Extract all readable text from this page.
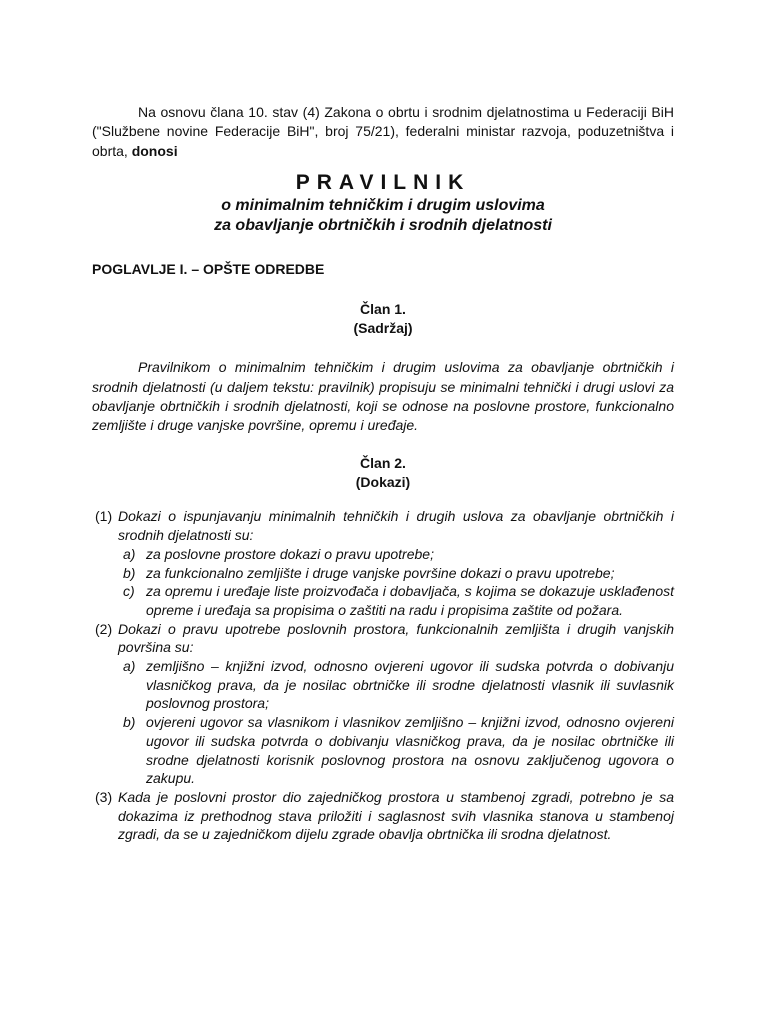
Na osnovu člana 10. stav (4) Zakona o obrtu i srodnim djelatnostima u Federaciji BiH ("Službene novine Federacije BiH", broj 75/21), federalni ministar razvoja, poduzetništva i obrta, donosi

PRAVILNIK
o minimalnim tehničkim i drugim uslovima
za obavljanje obrtničkih i srodnih djelatnosti
POGLAVLJE I. – OPŠTE ODREDBE
Član 1.
(Sadržaj)

Pravilnikom o minimalnim tehničkim i drugim uslovima za obavljanje obrtničkih i srodnih djelatnosti (u daljem tekstu: pravilnik) propisuju se minimalni tehnički i drugi uslovi za obavljanje obrtničkih i srodnih djelatnosti, koji se odnose na poslovne prostore, funkcionalno zemljište i druge vanjske površine, opremu i uređaje.

Član 2.
(Dokazi)
(1) Dokazi o ispunjavanju minimalnih tehničkih i drugih uslova za obavljanje obrtničkih i srodnih djelatnosti su:
a) za poslovne prostore dokazi o pravu upotrebe;
b) za funkcionalno zemljište i druge vanjske površine dokazi o pravu upotrebe;
c) za opremu i uređaje liste proizvođača i dobavljača, s kojima se dokazuje usklađenost opreme i uređaja sa propisima o zaštiti na radu i propisima zaštite od požara.
(2) Dokazi o pravu upotrebe poslovnih prostora, funkcionalnih zemljišta i drugih vanjskih površina su:
a) zemljišno – knjižni izvod, odnosno ovjereni ugovor ili sudska potvrda o dobivanju vlasničkog prava, da je nosilac obrtničke ili srodne djelatnosti vlasnik ili suvlasnik poslovnog prostora;
b) ovjereni ugovor sa vlasnikom i vlasnikov zemljišno – knjižni izvod, odnosno ovjereni ugovor ili sudska potvrda o dobivanju vlasničkog prava, da je nosilac obrtničke ili srodne djelatnosti korisnik poslovnog prostora na osnovu zaključenog ugovora o zakupu.
(3) Kada je poslovni prostor dio zajedničkog prostora u stambenoj zgradi, potrebno je sa dokazima iz prethodnog stava priložiti i saglasnost svih vlasnika stanova u stambenoj zgradi, da se u zajedničkom dijelu zgrade obavlja obrtnička ili srodna djelatnost.
